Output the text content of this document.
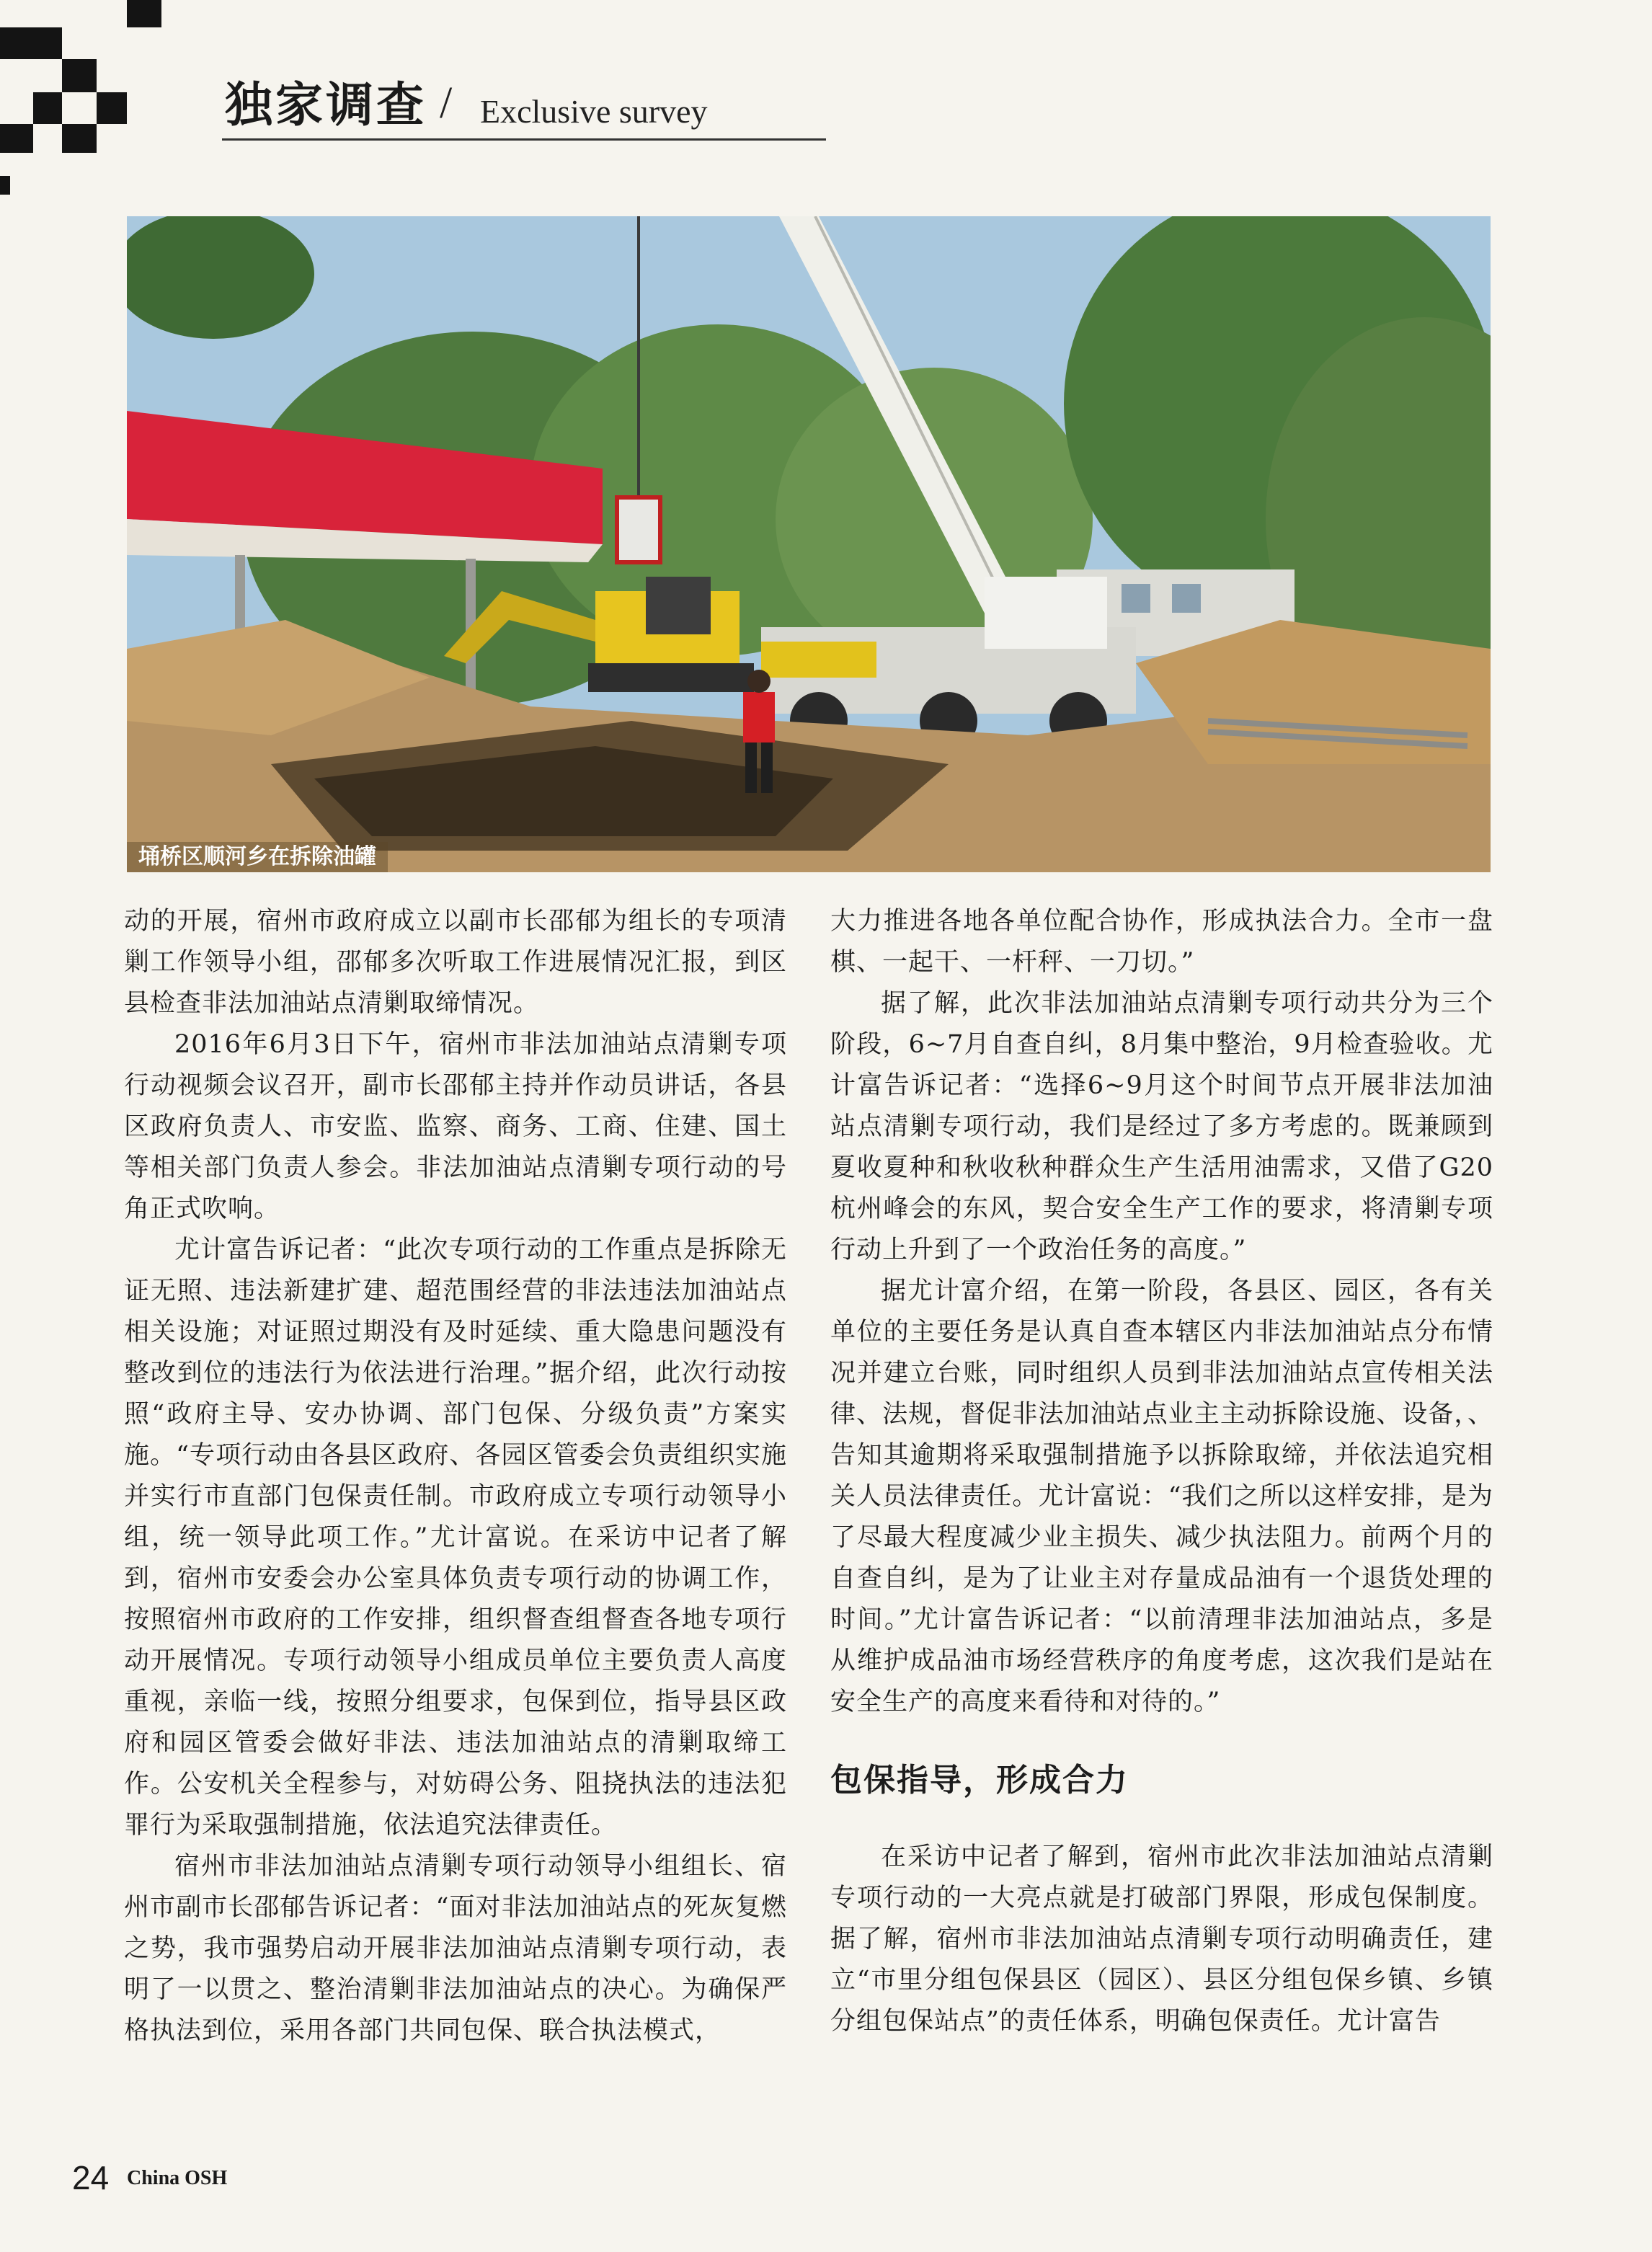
独家调查 / Exclusive survey
埇桥区顺河乡在拆除油罐

动的开展，宿州市政府成立以副市长邵郁为组长的专项清剿工作领导小组，邵郁多次听取工作进展情况汇报，到区县检查非法加油站点清剿取缔情况。

2016年6月3日下午，宿州市非法加油站点清剿专项行动视频会议召开，副市长邵郁主持并作动员讲话，各县区政府负责人、市安监、监察、商务、工商、住建、国土等相关部门负责人参会。非法加油站点清剿专项行动的号角正式吹响。

尤计富告诉记者：“此次专项行动的工作重点是拆除无证无照、违法新建扩建、超范围经营的非法违法加油站点相关设施；对证照过期没有及时延续、重大隐患问题没有整改到位的违法行为依法进行治理。”据介绍，此次行动按照“政府主导、安办协调、部门包保、分级负责”方案实施。“专项行动由各县区政府、各园区管委会负责组织实施并实行市直部门包保责任制。市政府成立专项行动领导小组，统一领导此项工作。”尤计富说。在采访中记者了解到，宿州市安委会办公室具体负责专项行动的协调工作，按照宿州市政府的工作安排，组织督查组督查各地专项行动开展情况。专项行动领导小组成员单位主要负责人高度重视，亲临一线，按照分组要求，包保到位，指导县区政府和园区管委会做好非法、违法加油站点的清剿取缔工作。公安机关全程参与，对妨碍公务、阻挠执法的违法犯罪行为采取强制措施，依法追究法律责任。

宿州市非法加油站点清剿专项行动领导小组组长、宿州市副市长邵郁告诉记者：“面对非法加油站点的死灰复燃之势，我市强势启动开展非法加油站点清剿专项行动，表明了一以贯之、整治清剿非法加油站点的决心。为确保严格执法到位，采用各部门共同包保、联合执法模式，

大力推进各地各单位配合协作，形成执法合力。全市一盘棋、一起干、一杆秤、一刀切。”

据了解，此次非法加油站点清剿专项行动共分为三个阶段，6~7月自查自纠，8月集中整治，9月检查验收。尤计富告诉记者：“选择6~9月这个时间节点开展非法加油站点清剿专项行动，我们是经过了多方考虑的。既兼顾到夏收夏种和秋收秋种群众生产生活用油需求，又借了G20杭州峰会的东风，契合安全生产工作的要求，将清剿专项行动上升到了一个政治任务的高度。”

据尤计富介绍，在第一阶段，各县区、园区，各有关单位的主要任务是认真自查本辖区内非法加油站点分布情况并建立台账，同时组织人员到非法加油站点宣传相关法律、法规，督促非法加油站点业主主动拆除设施、设备，、告知其逾期将采取强制措施予以拆除取缔，并依法追究相关人员法律责任。尤计富说：“我们之所以这样安排，是为了尽最大程度减少业主损失、减少执法阻力。前两个月的自查自纠，是为了让业主对存量成品油有一个退货处理的时间。”尤计富告诉记者：“以前清理非法加油站点，多是从维护成品油市场经营秩序的角度考虑，这次我们是站在安全生产的高度来看待和对待的。”

包保指导，形成合力

在采访中记者了解到，宿州市此次非法加油站点清剿专项行动的一大亮点就是打破部门界限，形成包保制度。据了解，宿州市非法加油站点清剿专项行动明确责任，建立“市里分组包保县区（园区）、县区分组包保乡镇、乡镇分组包保站点”的责任体系，明确包保责任。尤计富告

24 China OSH
